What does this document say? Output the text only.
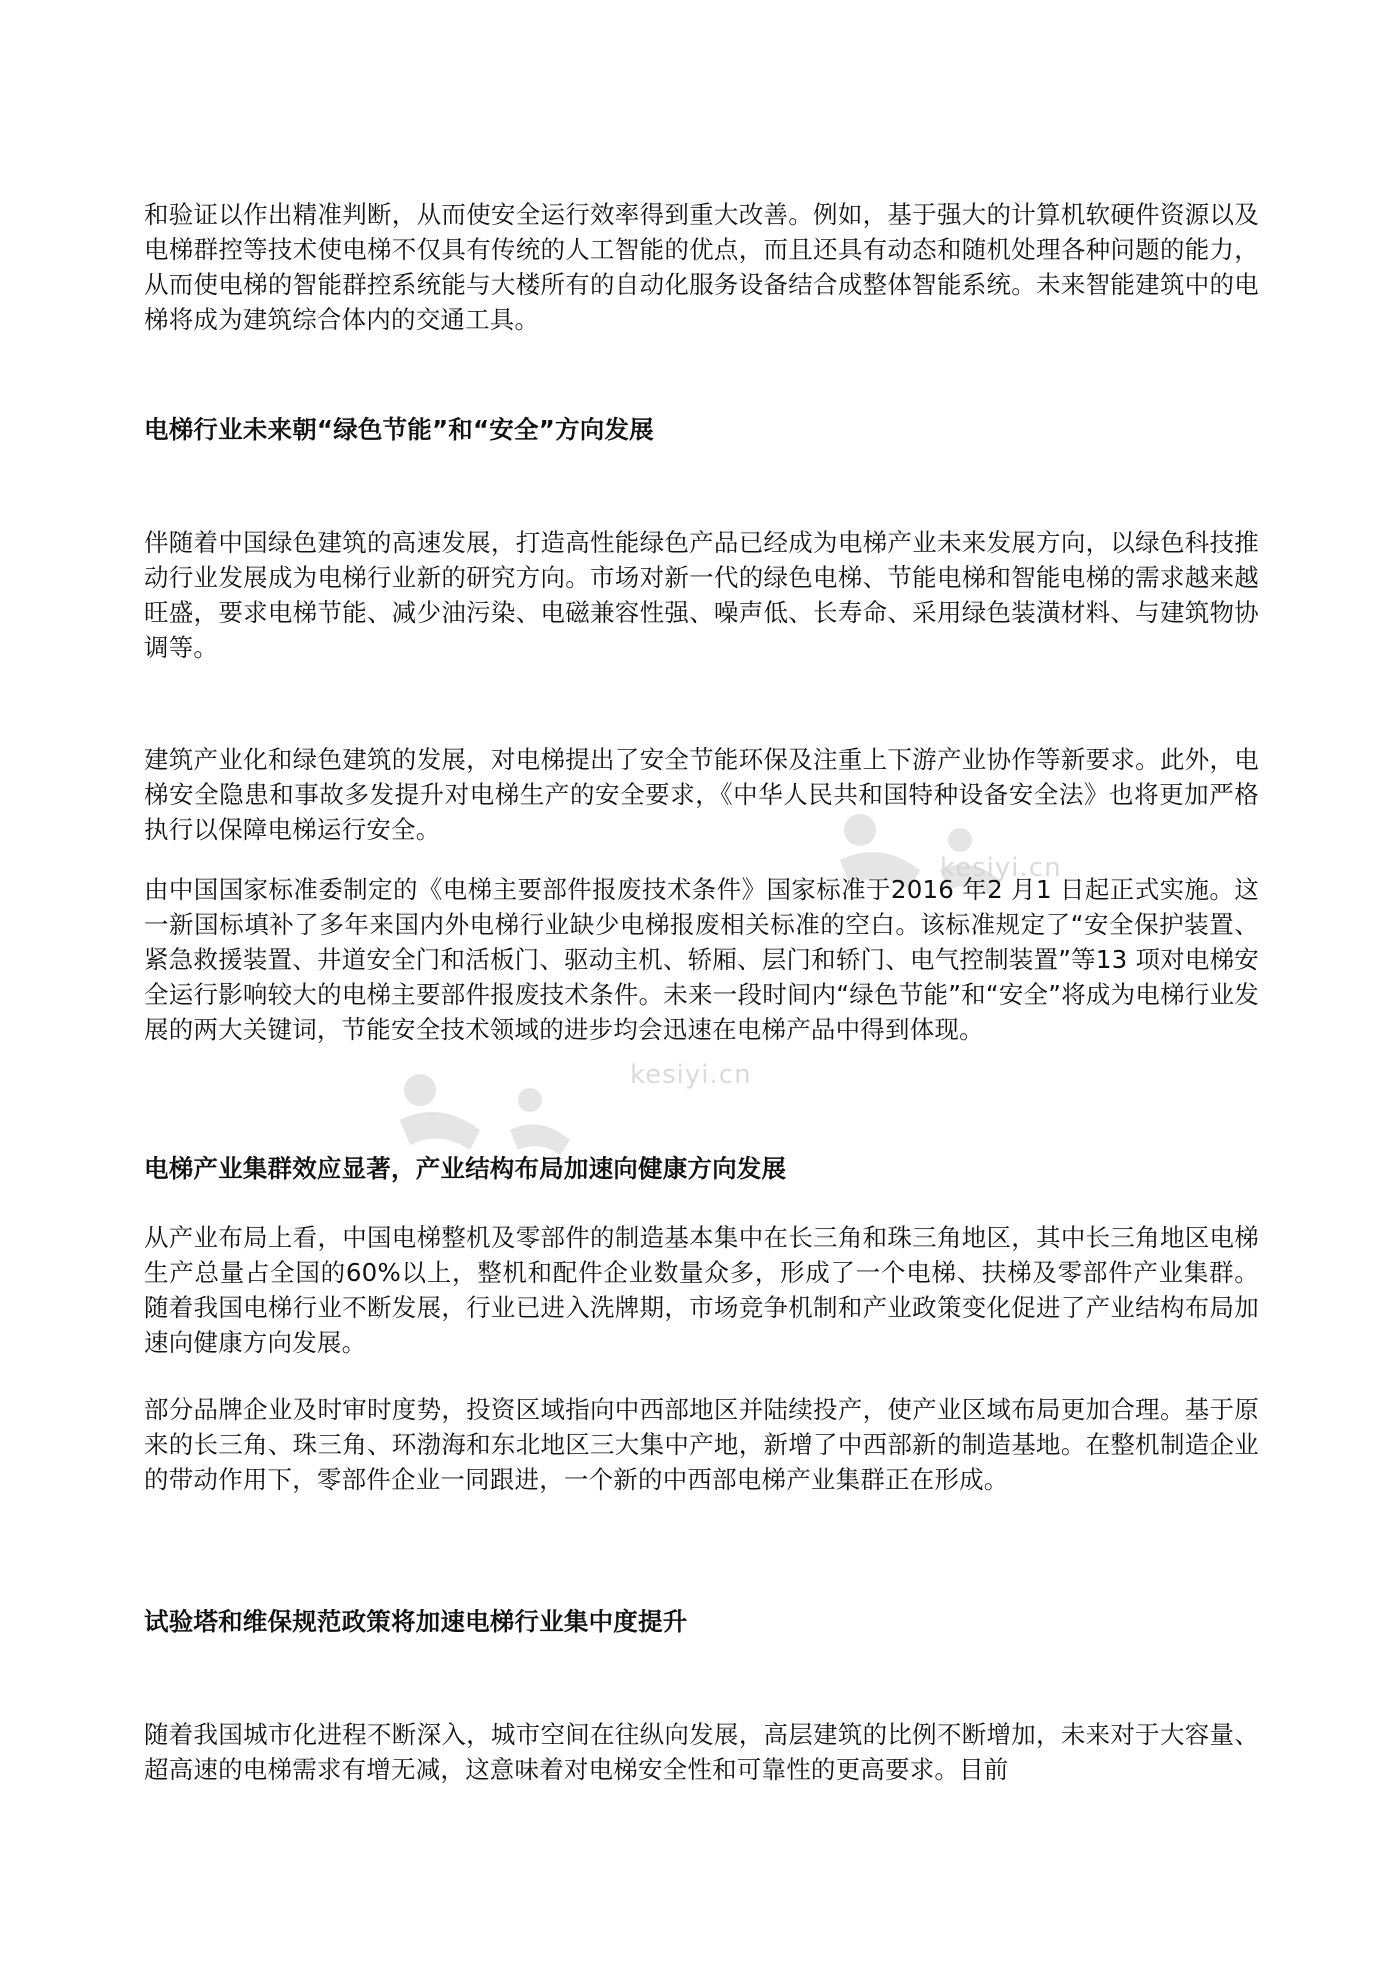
kesiyi.cn
kesiyi.cn

和验证以作出精准判断，从而使安全运行效率得到重大改善。例如，基于强大的计算机软硬件资源以及电梯群控等技术使电梯不仅具有传统的人工智能的优点，而且还具有动态和随机处理各种问题的能力，从而使电梯的智能群控系统能与大楼所有的自动化服务设备结合成整体智能系统。未来智能建筑中的电梯将成为建筑综合体内的交通工具。

电梯行业未来朝“绿色节能”和“安全”方向发展

伴随着中国绿色建筑的高速发展，打造高性能绿色产品已经成为电梯产业未来发展方向，以绿色科技推动行业发展成为电梯行业新的研究方向。市场对新一代的绿色电梯、节能电梯和智能电梯的需求越来越旺盛，要求电梯节能、减少油污染、电磁兼容性强、噪声低、长寿命、采用绿色装潢材料、与建筑物协调等。

建筑产业化和绿色建筑的发展，对电梯提出了安全节能环保及注重上下游产业协作等新要求。此外，电梯安全隐患和事故多发提升对电梯生产的安全要求，《中华人民共和国特种设备安全法》也将更加严格执行以保障电梯运行安全。

由中国国家标准委制定的《电梯主要部件报废技术条件》国家标准于2016 年2 月1 日起正式实施。这一新国标填补了多年来国内外电梯行业缺少电梯报废相关标准的空白。该标准规定了“安全保护装置、紧急救援装置、井道安全门和活板门、驱动主机、轿厢、层门和轿门、电气控制装置”等13 项对电梯安全运行影响较大的电梯主要部件报废技术条件。未来一段时间内“绿色节能”和“安全”将成为电梯行业发展的两大关键词，节能安全技术领域的进步均会迅速在电梯产品中得到体现。

电梯产业集群效应显著，产业结构布局加速向健康方向发展

从产业布局上看，中国电梯整机及零部件的制造基本集中在长三角和珠三角地区，其中长三角地区电梯生产总量占全国的60%以上，整机和配件企业数量众多，形成了一个电梯、扶梯及零部件产业集群。随着我国电梯行业不断发展，行业已进入洗牌期，市场竞争机制和产业政策变化促进了产业结构布局加速向健康方向发展。

部分品牌企业及时审时度势，投资区域指向中西部地区并陆续投产，使产业区域布局更加合理。基于原来的长三角、珠三角、环渤海和东北地区三大集中产地，新增了中西部新的制造基地。在整机制造企业的带动作用下，零部件企业一同跟进，一个新的中西部电梯产业集群正在形成。

试验塔和维保规范政策将加速电梯行业集中度提升

随着我国城市化进程不断深入，城市空间在往纵向发展，高层建筑的比例不断增加，未来对于大容量、超高速的电梯需求有增无减，这意味着对电梯安全性和可靠性的更高要求。目前
